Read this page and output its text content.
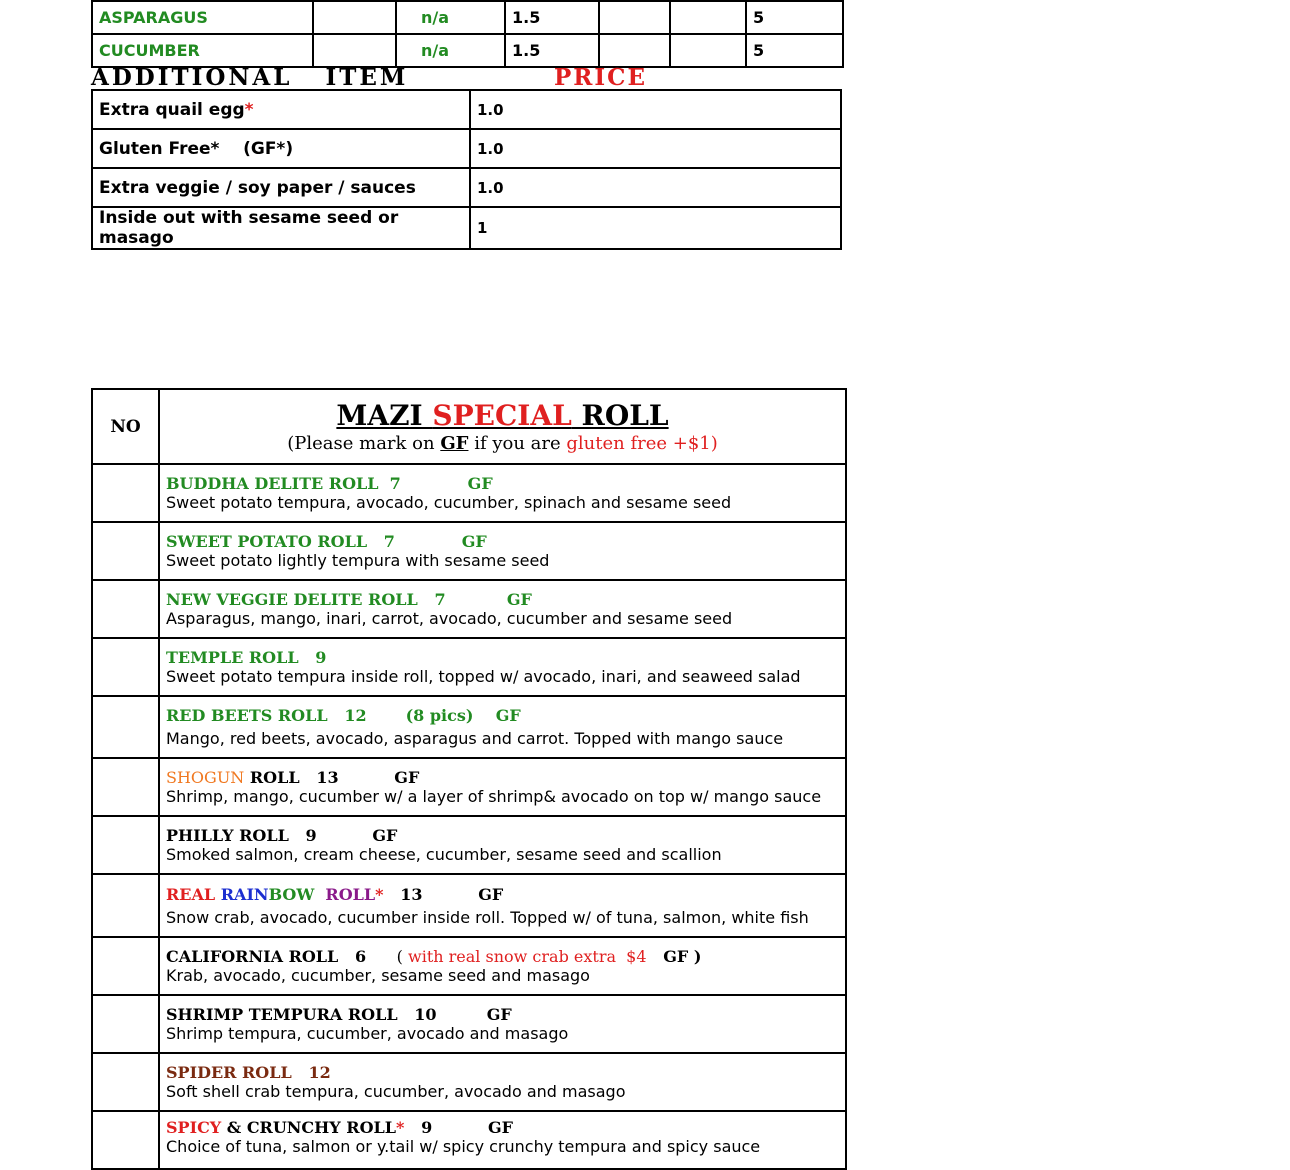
ASPARAGUS		n/a	1.5			5
CUCUMBER		n/a	1.5			5
ADDITIONAL   ITEM	PRICE
Extra quail egg*	1.0
Gluten Free*    (GF*)	1.0
Extra veggie / soy paper / sauces	1.0
Inside out with sesame seed or masago	1
NO	MAZI SPECIAL ROLL
(Please mark on GF if you are gluten free +$1)

	BUDDHA DELITE ROLL  7            GF
Sweet potato tempura, avocado, cucumber, spinach and sesame seed

	SWEET POTATO ROLL   7            GF
Sweet potato lightly tempura with sesame seed

	NEW VEGGIE DELITE ROLL   7           GF
Asparagus, mango, inari, carrot, avocado, cucumber and sesame seed

	TEMPLE ROLL   9
Sweet potato tempura inside roll, topped w/ avocado, inari, and seaweed salad

	RED BEETS ROLL   12       (8 pics)    GF
Mango, red beets, avocado, asparagus and carrot. Topped with mango sauce

	SHOGUN ROLL   13          GF
Shrimp, mango, cucumber w/ a layer of shrimp& avocado on top w/ mango sauce

	PHILLY ROLL   9          GF
Smoked salmon, cream cheese, cucumber, sesame seed and scallion

	REAL RAINBOW  ROLL*   13          GF
Snow crab, avocado, cucumber inside roll. Topped w/ of tuna, salmon, white fish

	CALIFORNIA ROLL   6      ( with real snow crab extra  $4   GF )
Krab, avocado, cucumber, sesame seed and masago

	SHRIMP TEMPURA ROLL   10         GF
Shrimp tempura, cucumber, avocado and masago

	SPIDER ROLL   12
Soft shell crab tempura, cucumber, avocado and masago

	SPICY & CRUNCHY ROLL*   9          GF
Choice of tuna, salmon or y.tail w/ spicy crunchy tempura and spicy sauce
